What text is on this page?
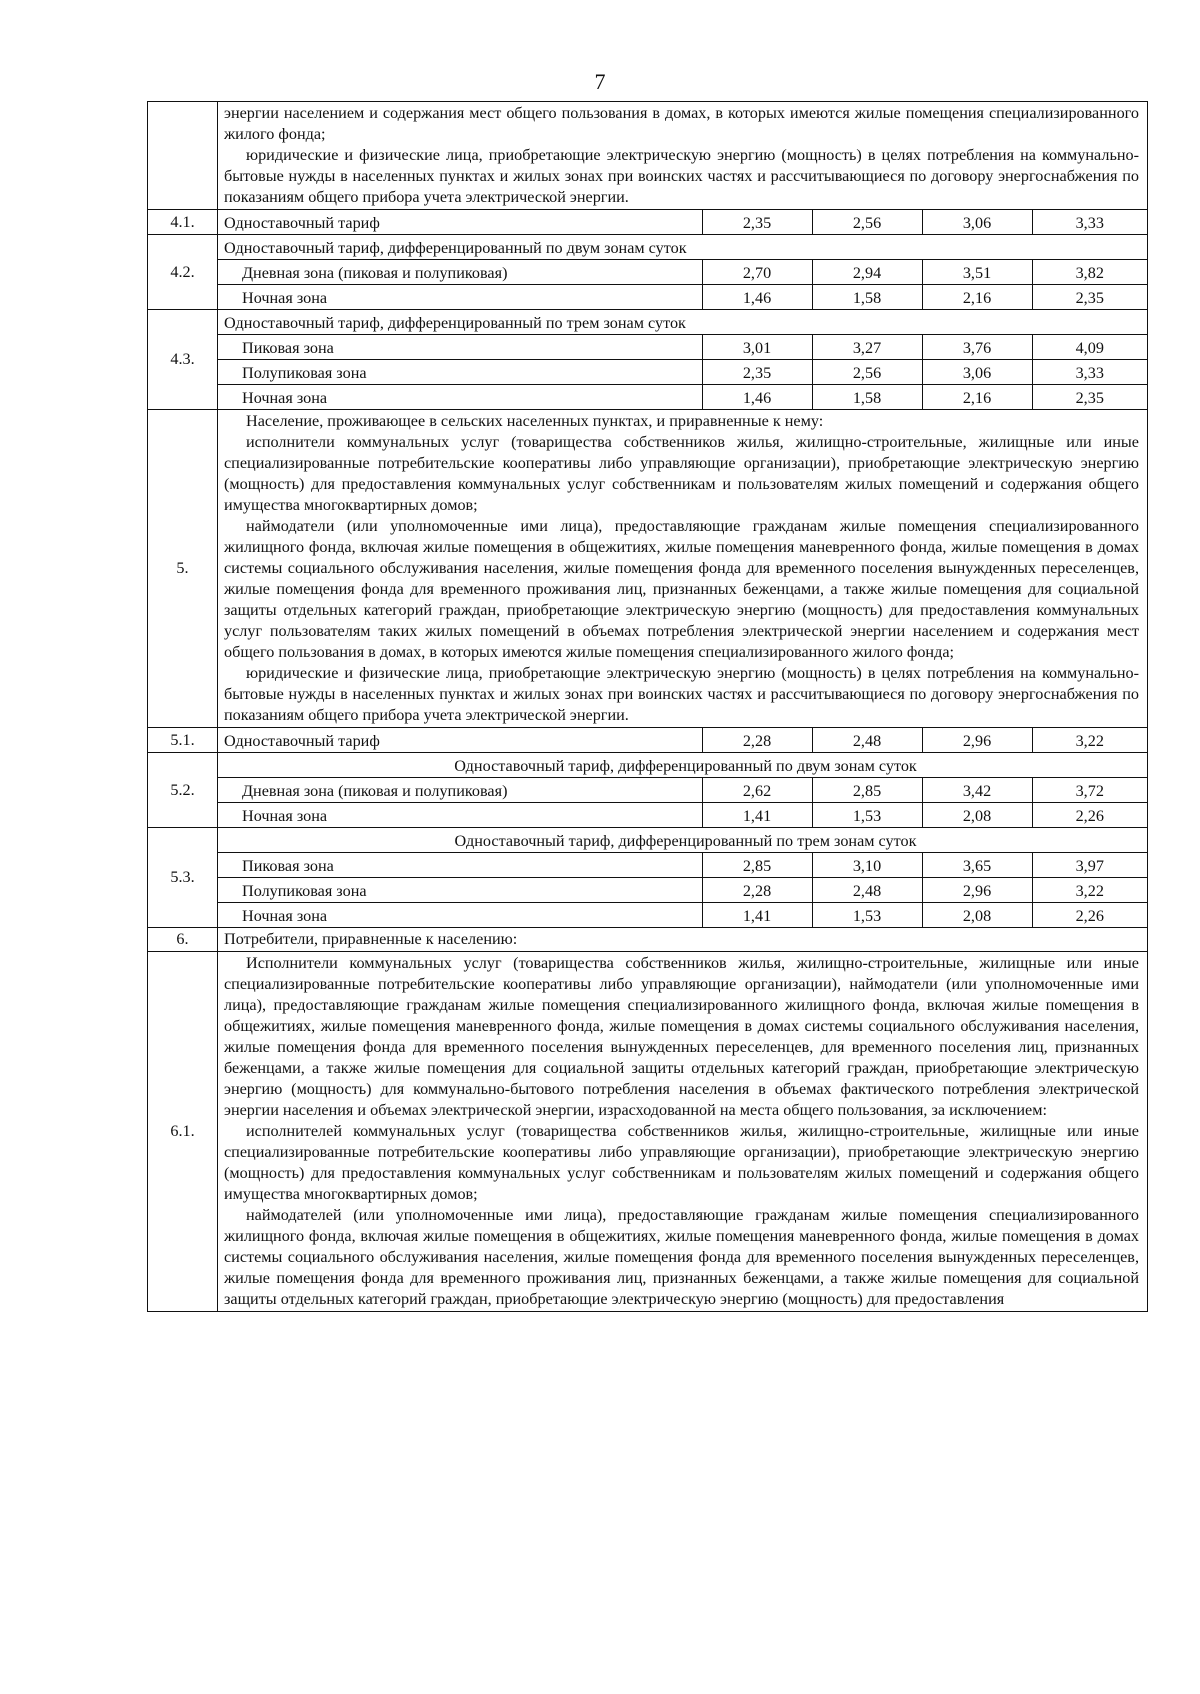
7

энергии населением и содержания мест общего пользования в домах, в которых имеются жилые помещения специализированного жилого фонда;

юридические и физические лица, приобретающие электрическую энергию (мощность) в целях потребления на коммунально-бытовые нужды в населенных пунктах и жилых зонах при воинских частях и рассчитывающиеся по договору энергоснабжения по показаниям общего прибора учета электрической энергии.

4.1.	Одноставочный тариф	2,35	2,56	3,06	3,33

4.2.	
Одноставочный тариф, дифференцированный по двум зонам суток
Дневная зона (пиковая и полупиковая)	2,70	2,94	3,51	3,82
Ночная зона	1,46	1,58	2,16	2,35

4.3.	
Одноставочный тариф, дифференцированный по трем зонам суток
Пиковая зона	3,01	3,27	3,76	4,09
Полупиковая зона	2,35	2,56	3,06	3,33
Ночная зона	1,46	1,58	2,16	2,35

5.	

Население, проживающее в сельских населенных пунктах, и приравненные к нему:

исполнители коммунальных услуг (товарищества собственников жилья, жилищно-строительные, жилищные или иные специализированные потребительские кооперативы либо управляющие организации), приобретающие электрическую энергию (мощность) для предоставления коммунальных услуг собственникам и пользователям жилых помещений и содержания общего имущества многоквартирных домов;

наймодатели (или уполномоченные ими лица), предоставляющие гражданам жилые помещения специализированного жилищного фонда, включая жилые помещения в общежитиях, жилые помещения маневренного фонда, жилые помещения в домах системы социального обслуживания населения, жилые помещения фонда для временного поселения вынужденных переселенцев, жилые помещения фонда для временного проживания лиц, признанных беженцами, а также жилые помещения для социальной защиты отдельных категорий граждан, приобретающие электрическую энергию (мощность) для предоставления коммунальных услуг пользователям таких жилых помещений в объемах потребления электрической энергии населением и содержания мест общего пользования в домах, в которых имеются жилые помещения специализированного жилого фонда;

юридические и физические лица, приобретающие электрическую энергию (мощность) в целях потребления на коммунально-бытовые нужды в населенных пунктах и жилых зонах при воинских частях и рассчитывающиеся по договору энергоснабжения по показаниям общего прибора учета электрической энергии.

5.1.	Одноставочный тариф	2,28	2,48	2,96	3,22

5.2.	
Одноставочный тариф, дифференцированный по двум зонам суток
Дневная зона (пиковая и полупиковая)	2,62	2,85	3,42	3,72
Ночная зона	1,41	1,53	2,08	2,26

5.3.	
Одноставочный тариф, дифференцированный по трем зонам суток
Пиковая зона	2,85	3,10	3,65	3,97
Полупиковая зона	2,28	2,48	2,96	3,22
Ночная зона	1,41	1,53	2,08	2,26

6.	Потребители, приравненные к населению:

6.1.	

Исполнители коммунальных услуг (товарищества собственников жилья, жилищно-строительные, жилищные или иные специализированные потребительские кооперативы либо управляющие организации), наймодатели (или уполномоченные ими лица), предоставляющие гражданам жилые помещения специализированного жилищного фонда, включая жилые помещения в общежитиях, жилые помещения маневренного фонда, жилые помещения в домах системы социального обслуживания населения, жилые помещения фонда для временного поселения вынужденных переселенцев, для временного поселения лиц, признанных беженцами, а также жилые помещения для социальной защиты отдельных категорий граждан, приобретающие электрическую энергию (мощность) для коммунально-бытового потребления населения в объемах фактического потребления электрической энергии населения и объемах электрической энергии, израсходованной на места общего пользования, за исключением:

исполнителей коммунальных услуг (товарищества собственников жилья, жилищно-строительные, жилищные или иные специализированные потребительские кооперативы либо управляющие организации), приобретающие электрическую энергию (мощность) для предоставления коммунальных услуг собственникам и пользователям жилых помещений и содержания общего имущества многоквартирных домов;

наймодателей (или уполномоченные ими лица), предоставляющие гражданам жилые помещения специализированного жилищного фонда, включая жилые помещения в общежитиях, жилые помещения маневренного фонда, жилые помещения в домах системы социального обслуживания населения, жилые помещения фонда для временного поселения вынужденных переселенцев, жилые помещения фонда для временного проживания лиц, признанных беженцами, а также жилые помещения для социальной защиты отдельных категорий граждан, приобретающие электрическую энергию (мощность) для предоставления
